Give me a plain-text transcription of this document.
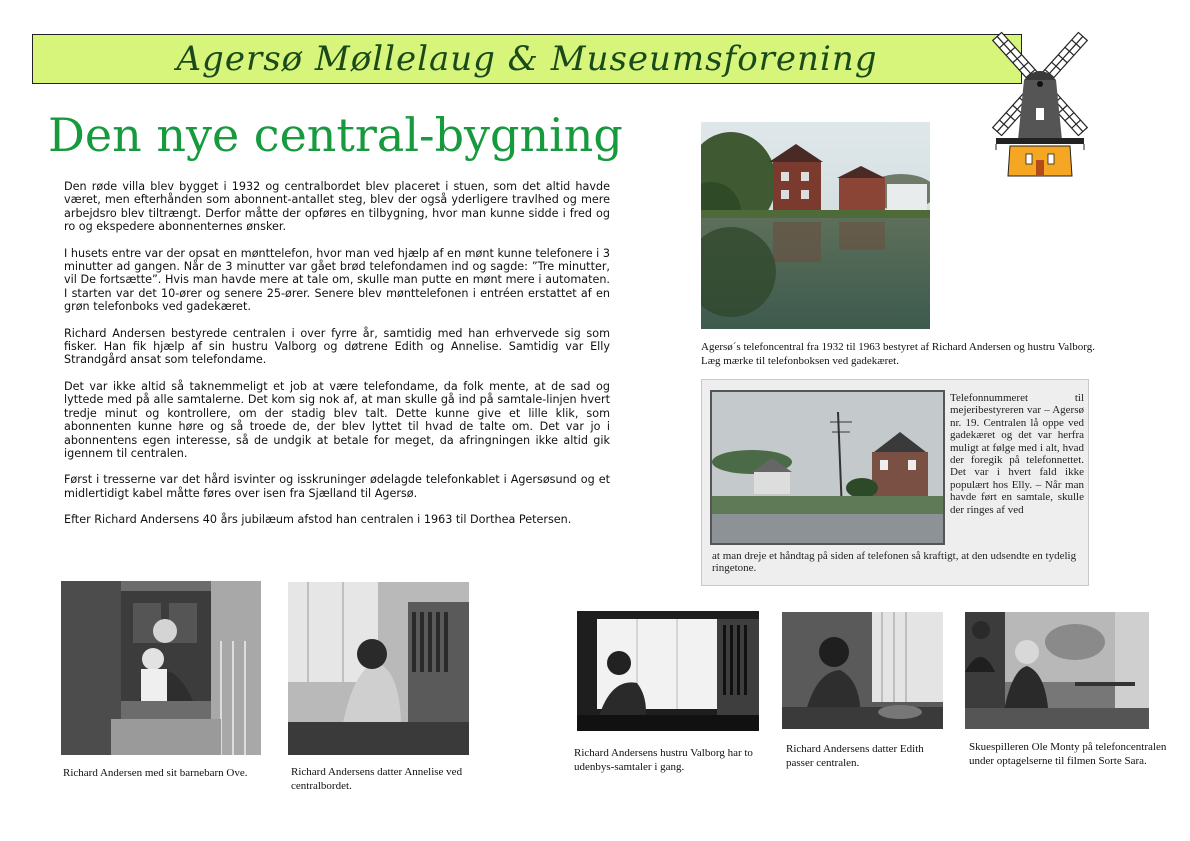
Agersø Møllelaug & Museumsforening
Den nye central-bygning

Den røde villa blev bygget i 1932 og centralbordet blev placeret i stuen, som det altid havde været, men efterhånden som abonnent-antallet steg, blev der også yderligere travlhed og mere arbejdsro blev tiltrængt. Derfor måtte der opføres en tilbygning, hvor man kunne sidde i fred og ro og ekspedere abonnenternes ønsker.

I husets entre var der opsat en mønttelefon, hvor man ved hjælp af en mønt kunne telefonere i 3 minutter ad gangen. Når de 3 minutter var gået brød telefondamen ind og sagde: ”Tre minutter, vil De fortsætte”. Hvis man havde mere at tale om, skulle man putte en mønt mere i automaten. I starten var det 10-ører og senere 25-ører. Senere blev mønttelefonen i entréen erstattet af en grøn telefonboks ved gadekæret.

Richard Andersen bestyrede centralen i over fyrre år, samtidig med han erhvervede sig som fisker. Han fik hjælp af sin hustru Valborg og døtrene Edith og Annelise. Samtidig var Elly Strandgård ansat som telefondame.

Det var ikke altid så taknemmeligt et job at være telefondame, da folk mente, at de sad og lyttede med på alle samtalerne. Det kom sig nok af, at man skulle gå ind på samtale-linjen hvert tredje minut og kontrollere, om der stadig blev talt. Dette kunne give et lille klik, som abonnenten kunne høre og så troede de, der blev lyttet til hvad de talte om. Det var jo i abonnentens egen interesse, så de undgik at betale for meget, da afringningen ikke altid gik igennem til centralen.

Først i tresserne var det hård isvinter og isskruninger ødelagde telefonkablet i Agersøsund og et midlertidigt kabel måtte føres over isen fra Sjælland til Agersø.

Efter Richard Andersens 40 års jubilæum afstod han centralen i 1963 til Dorthea Petersen.

Agersø´s telefoncentral fra 1932 til 1963 bestyret af Richard Andersen og hustru Valborg. Læg mærke til telefonboksen ved gadekæret.
Telefonnummeret til mejeribestyreren var – Agersø nr. 19. Centralen lå oppe ved gadekæret og det var herfra muligt at følge med i alt, hvad der foregik på telefonnettet. Det var i hvert fald ikke populært hos Elly. – Når man havde ført en samtale, skulle der ringes af ved
at man dreje et håndtag på siden af telefonen så kraftigt, at den udsendte en tydelig ringetone.
Richard Andersen med sit barnebarn Ove.	Richard Andersens datter Annelise ved centralbordet.
Richard Andersens hustru Valborg har to udenbys-samtaler i gang.
Richard Andersens datter Edith passer centralen.
Skuespilleren Ole Monty på telefoncentralen under optagelserne til filmen Sorte Sara.
